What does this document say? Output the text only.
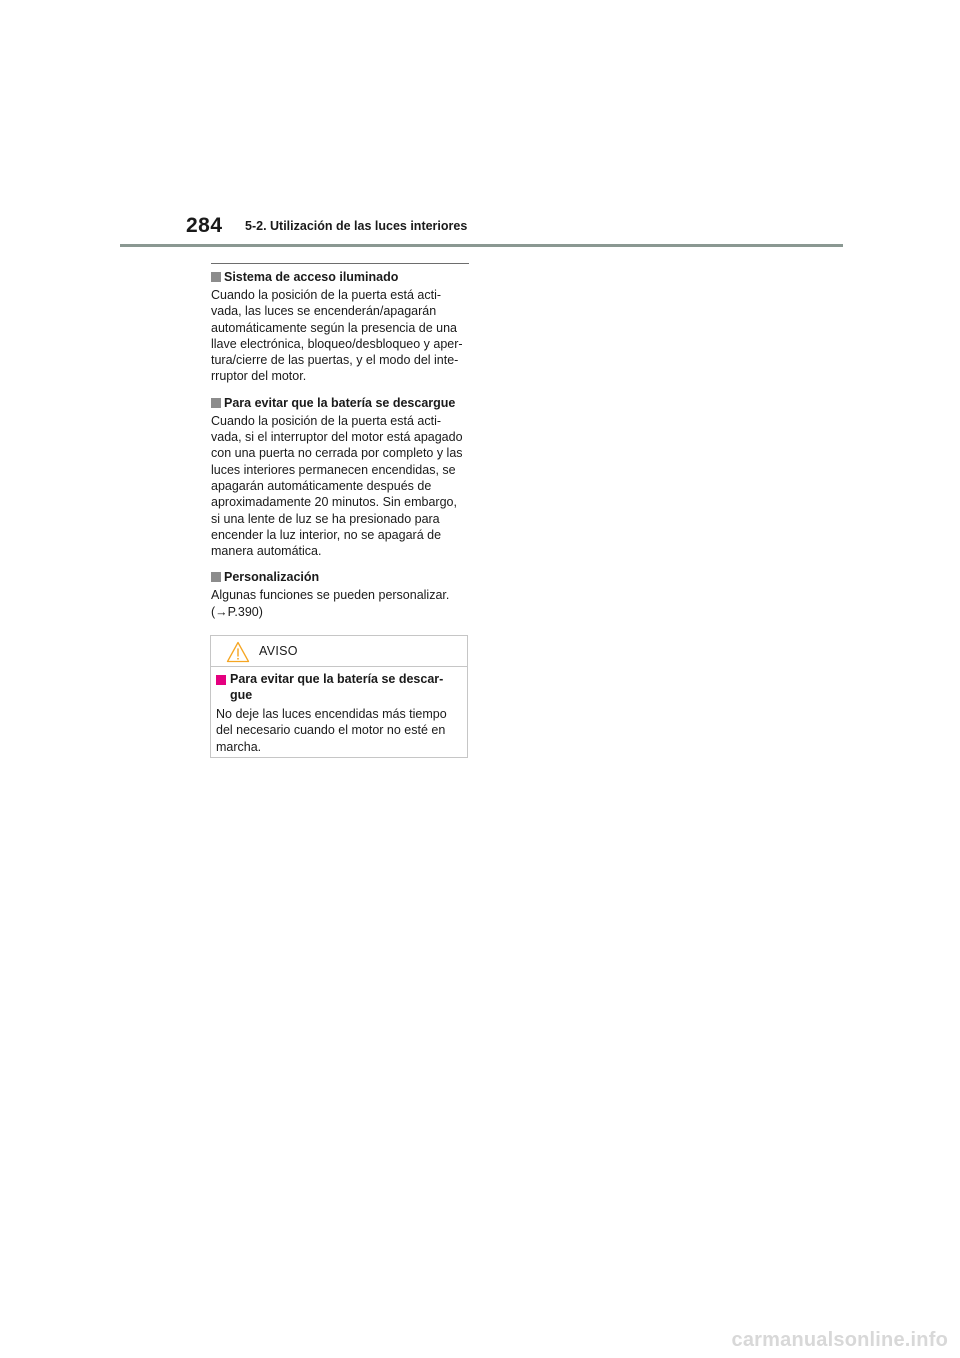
284 5-2. Utilización de las luces interiores
Sistema de acceso iluminado

Cuando la posición de la puerta está acti-
vada, las luces se encenderán/apagarán
automáticamente según la presencia de una
llave electrónica, bloqueo/desbloqueo y aper-
tura/cierre de las puertas, y el modo del inte-
rruptor del motor.

Para evitar que la batería se descargue

Cuando la posición de la puerta está acti-
vada, si el interruptor del motor está apagado
con una puerta no cerrada por completo y las
luces interiores permanecen encendidas, se
apagarán automáticamente después de
aproximadamente 20 minutos. Sin embargo,
si una lente de luz se ha presionado para
encender la luz interior, no se apagará de
manera automática.

Personalización

Algunas funciones se pueden personalizar.
(→P.390)

AVISO
Para evitar que la batería se descar-
gue

No deje las luces encendidas más tiempo
del necesario cuando el motor no esté en
marcha.

carmanualsonline.info
